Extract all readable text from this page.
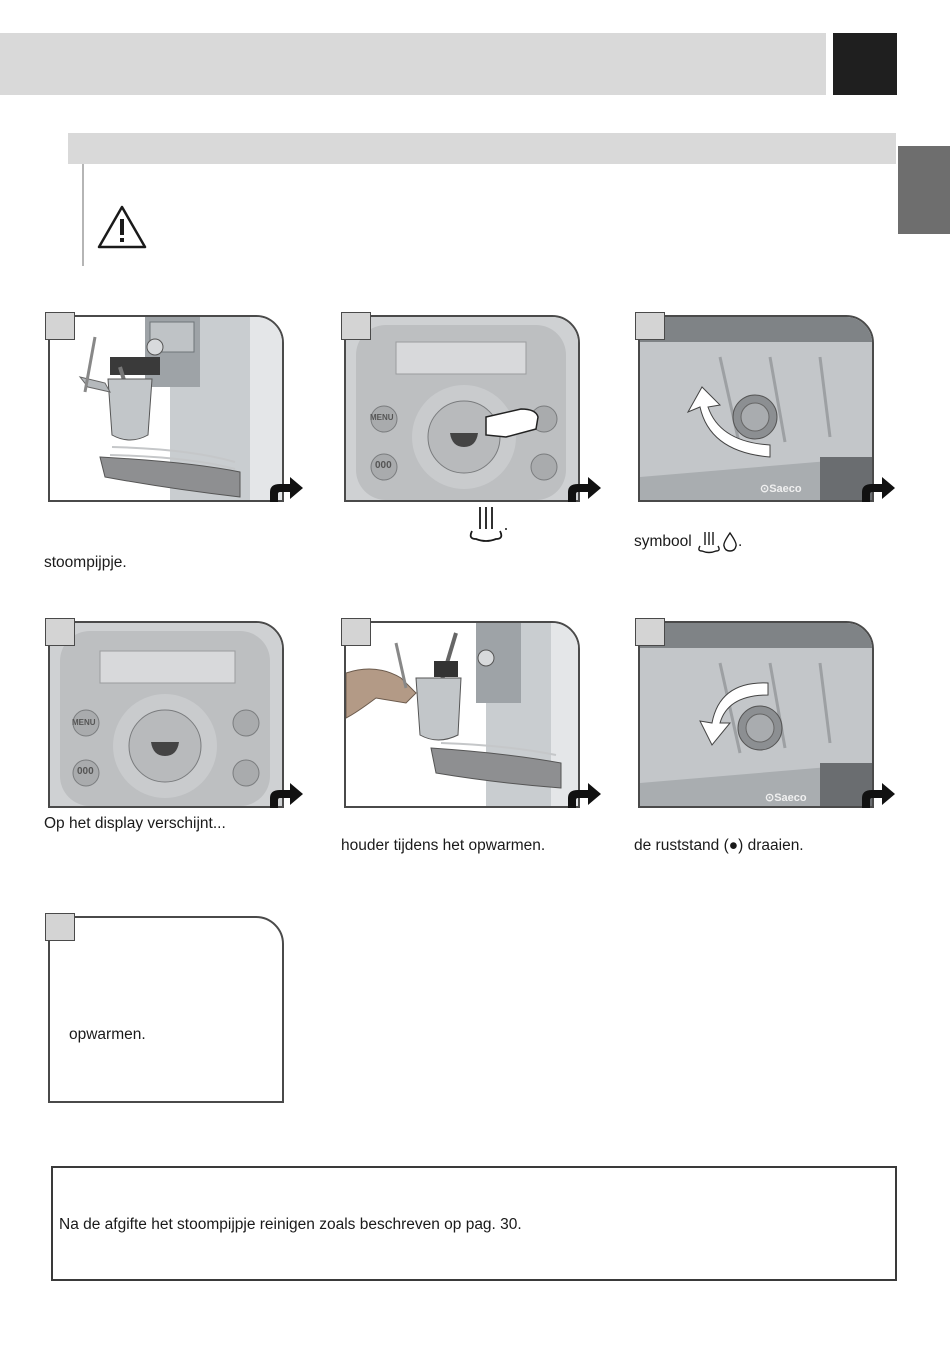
stoompijpje.
MENU
000
⊙Saeco
symbool	.
MENU
000
Op het display verschijnt...
houder tijdens het opwarmen.
⊙Saeco
de ruststand (●) draaien.
opwarmen.
Na de afgifte het stoompijpje reinigen zoals beschreven op pag. 30.
